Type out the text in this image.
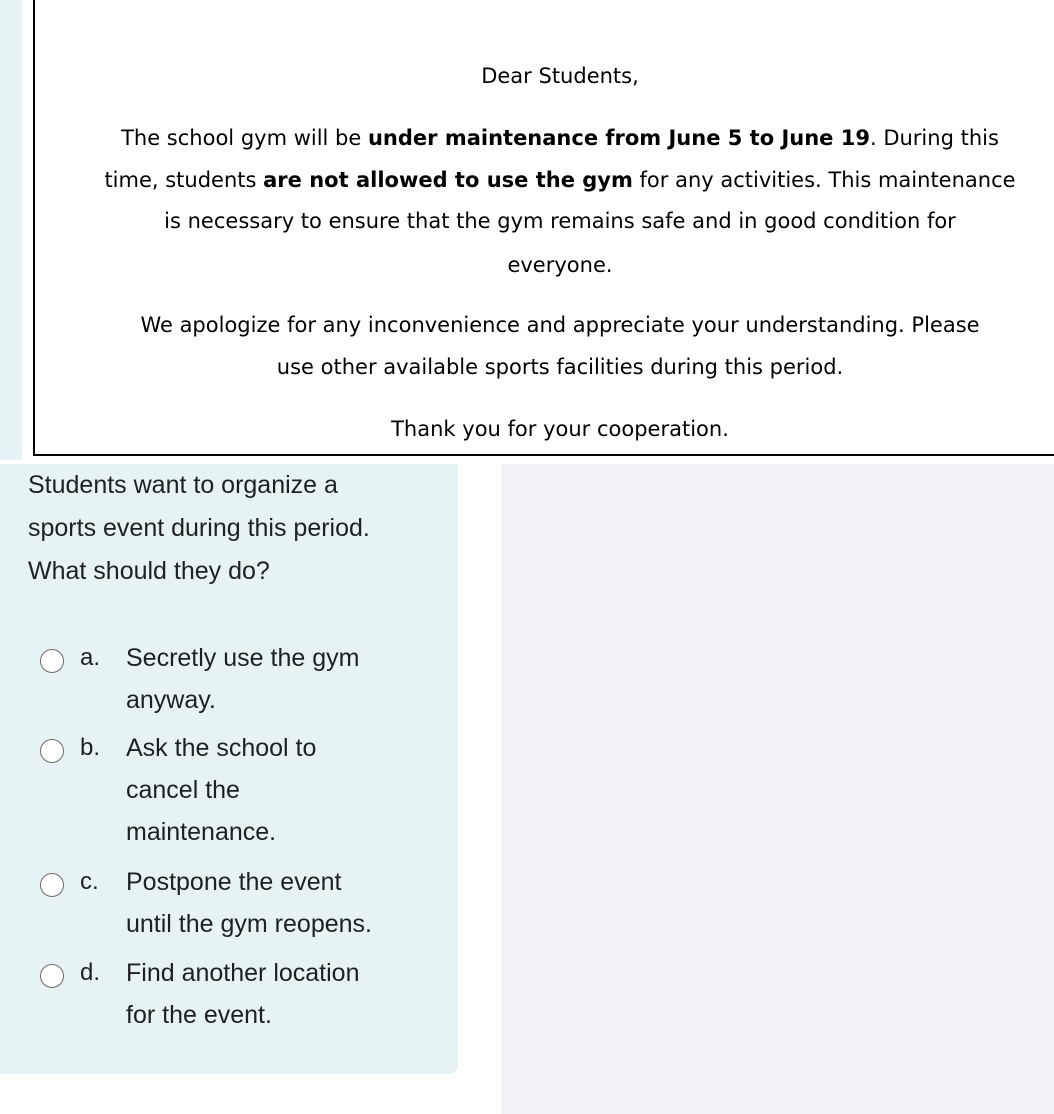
Dear Students,
The school gym will be under maintenance from June 5 to June 19. During this
time, students are not allowed to use the gym for any activities. This maintenance
is necessary to ensure that the gym remains safe and in good condition for
everyone.
We apologize for any inconvenience and appreciate your understanding. Please
use other available sports facilities during this period.
Thank you for your cooperation.
Students want to organize a
sports event during this period.
What should they do?
a. Secretly use the gym
anyway.
b. Ask the school to
cancel the
maintenance.
c. Postpone the event
until the gym reopens.
d. Find another location
for the event.
